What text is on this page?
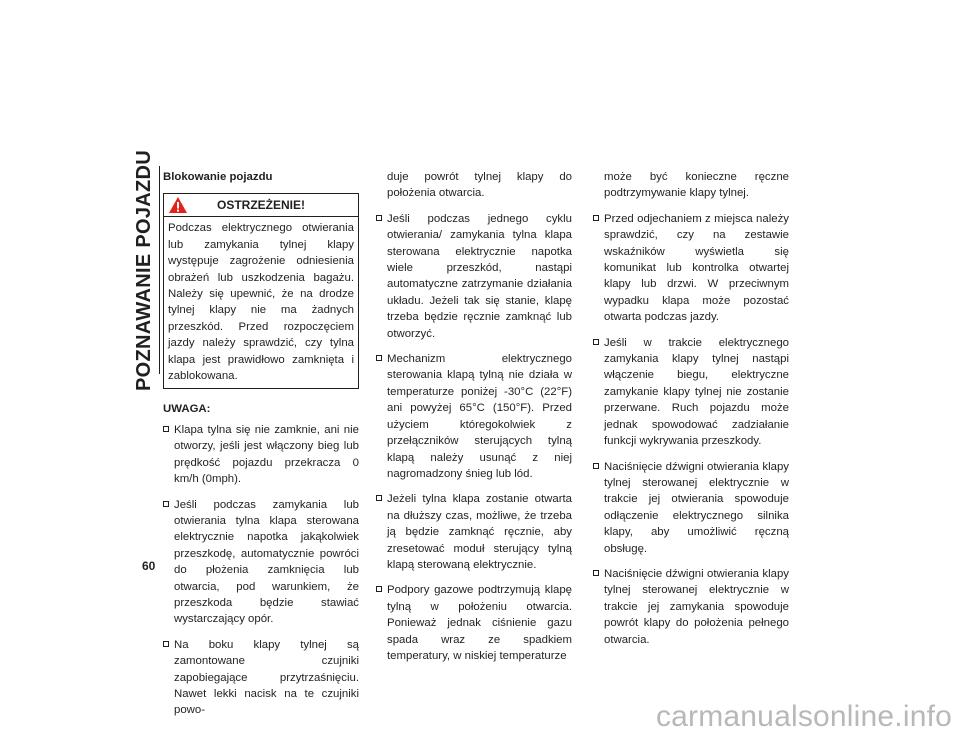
POZNAWANIE POJAZDU Blokowanie pojazdu
OSTRZEŻENIE!
Podczas elektrycznego otwierania lub zamykania tylnej klapy występuje zagrożenie odniesienia obrażeń lub uszkodzenia bagażu. Należy się upewnić, że na drodze tylnej klapy nie ma żadnych przeszkód. Przed rozpoczęciem jazdy należy sprawdzić, czy tylna klapa jest prawidłowo zamknięta i zablokowana.
UWAGA:
Klapa tylna się nie zamknie, ani nie otworzy, jeśli jest włączony bieg lub prędkość pojazdu przekracza 0 km/h (0mph).
Jeśli podczas zamykania lub otwierania tylna klapa sterowana elektrycznie napotka jakąkolwiek przeszkodę, automatycznie powróci do płożenia zamknięcia lub otwarcia, pod warunkiem, że przeszkoda będzie stawiać wystarczający opór.
Na boku klapy tylnej są zamontowane czujniki zapobiegające przytrzaśnięciu. Nawet lekki nacisk na te czujniki powo-
duje powrót tylnej klapy do położenia otwarcia.
Jeśli podczas jednego cyklu otwierania/ zamykania tylna klapa sterowana elektrycznie napotka wiele przeszkód, nastąpi automatyczne zatrzymanie działania układu. Jeżeli tak się stanie, klapę trzeba będzie ręcznie zamknąć lub otworzyć.
Mechanizm elektrycznego sterowania klapą tylną nie działa w temperaturze poniżej -30°C (22°F) ani powyżej 65°C (150°F). Przed użyciem któregokolwiek z przełączników sterujących tylną klapą należy usunąć z niej nagromadzony śnieg lub lód.
Jeżeli tylna klapa zostanie otwarta na dłuższy czas, możliwe, że trzeba ją będzie zamknąć ręcznie, aby zresetować moduł sterujący tylną klapą sterowaną elektrycznie.
Podpory gazowe podtrzymują klapę tylną w położeniu otwarcia. Ponieważ jednak ciśnienie gazu spada wraz ze spadkiem temperatury, w niskiej temperaturze
może być konieczne ręczne podtrzymywanie klapy tylnej.
Przed odjechaniem z miejsca należy sprawdzić, czy na zestawie wskaźników wyświetla się komunikat lub kontrolka otwartej klapy lub drzwi. W przeciwnym wypadku klapa może pozostać otwarta podczas jazdy.
Jeśli w trakcie elektrycznego zamykania klapy tylnej nastąpi włączenie biegu, elektryczne zamykanie klapy tylnej nie zostanie przerwane. Ruch pojazdu może jednak spowodować zadziałanie funkcji wykrywania przeszkody.
Naciśnięcie dźwigni otwierania klapy tylnej sterowanej elektrycznie w trakcie jej otwierania spowoduje odłączenie elektrycznego silnika klapy, aby umożliwić ręczną obsługę.
Naciśnięcie dźwigni otwierania klapy tylnej sterowanej elektrycznie w trakcie jej zamykania spowoduje powrót klapy do położenia pełnego otwarcia.
60
carmanualsonline.info
